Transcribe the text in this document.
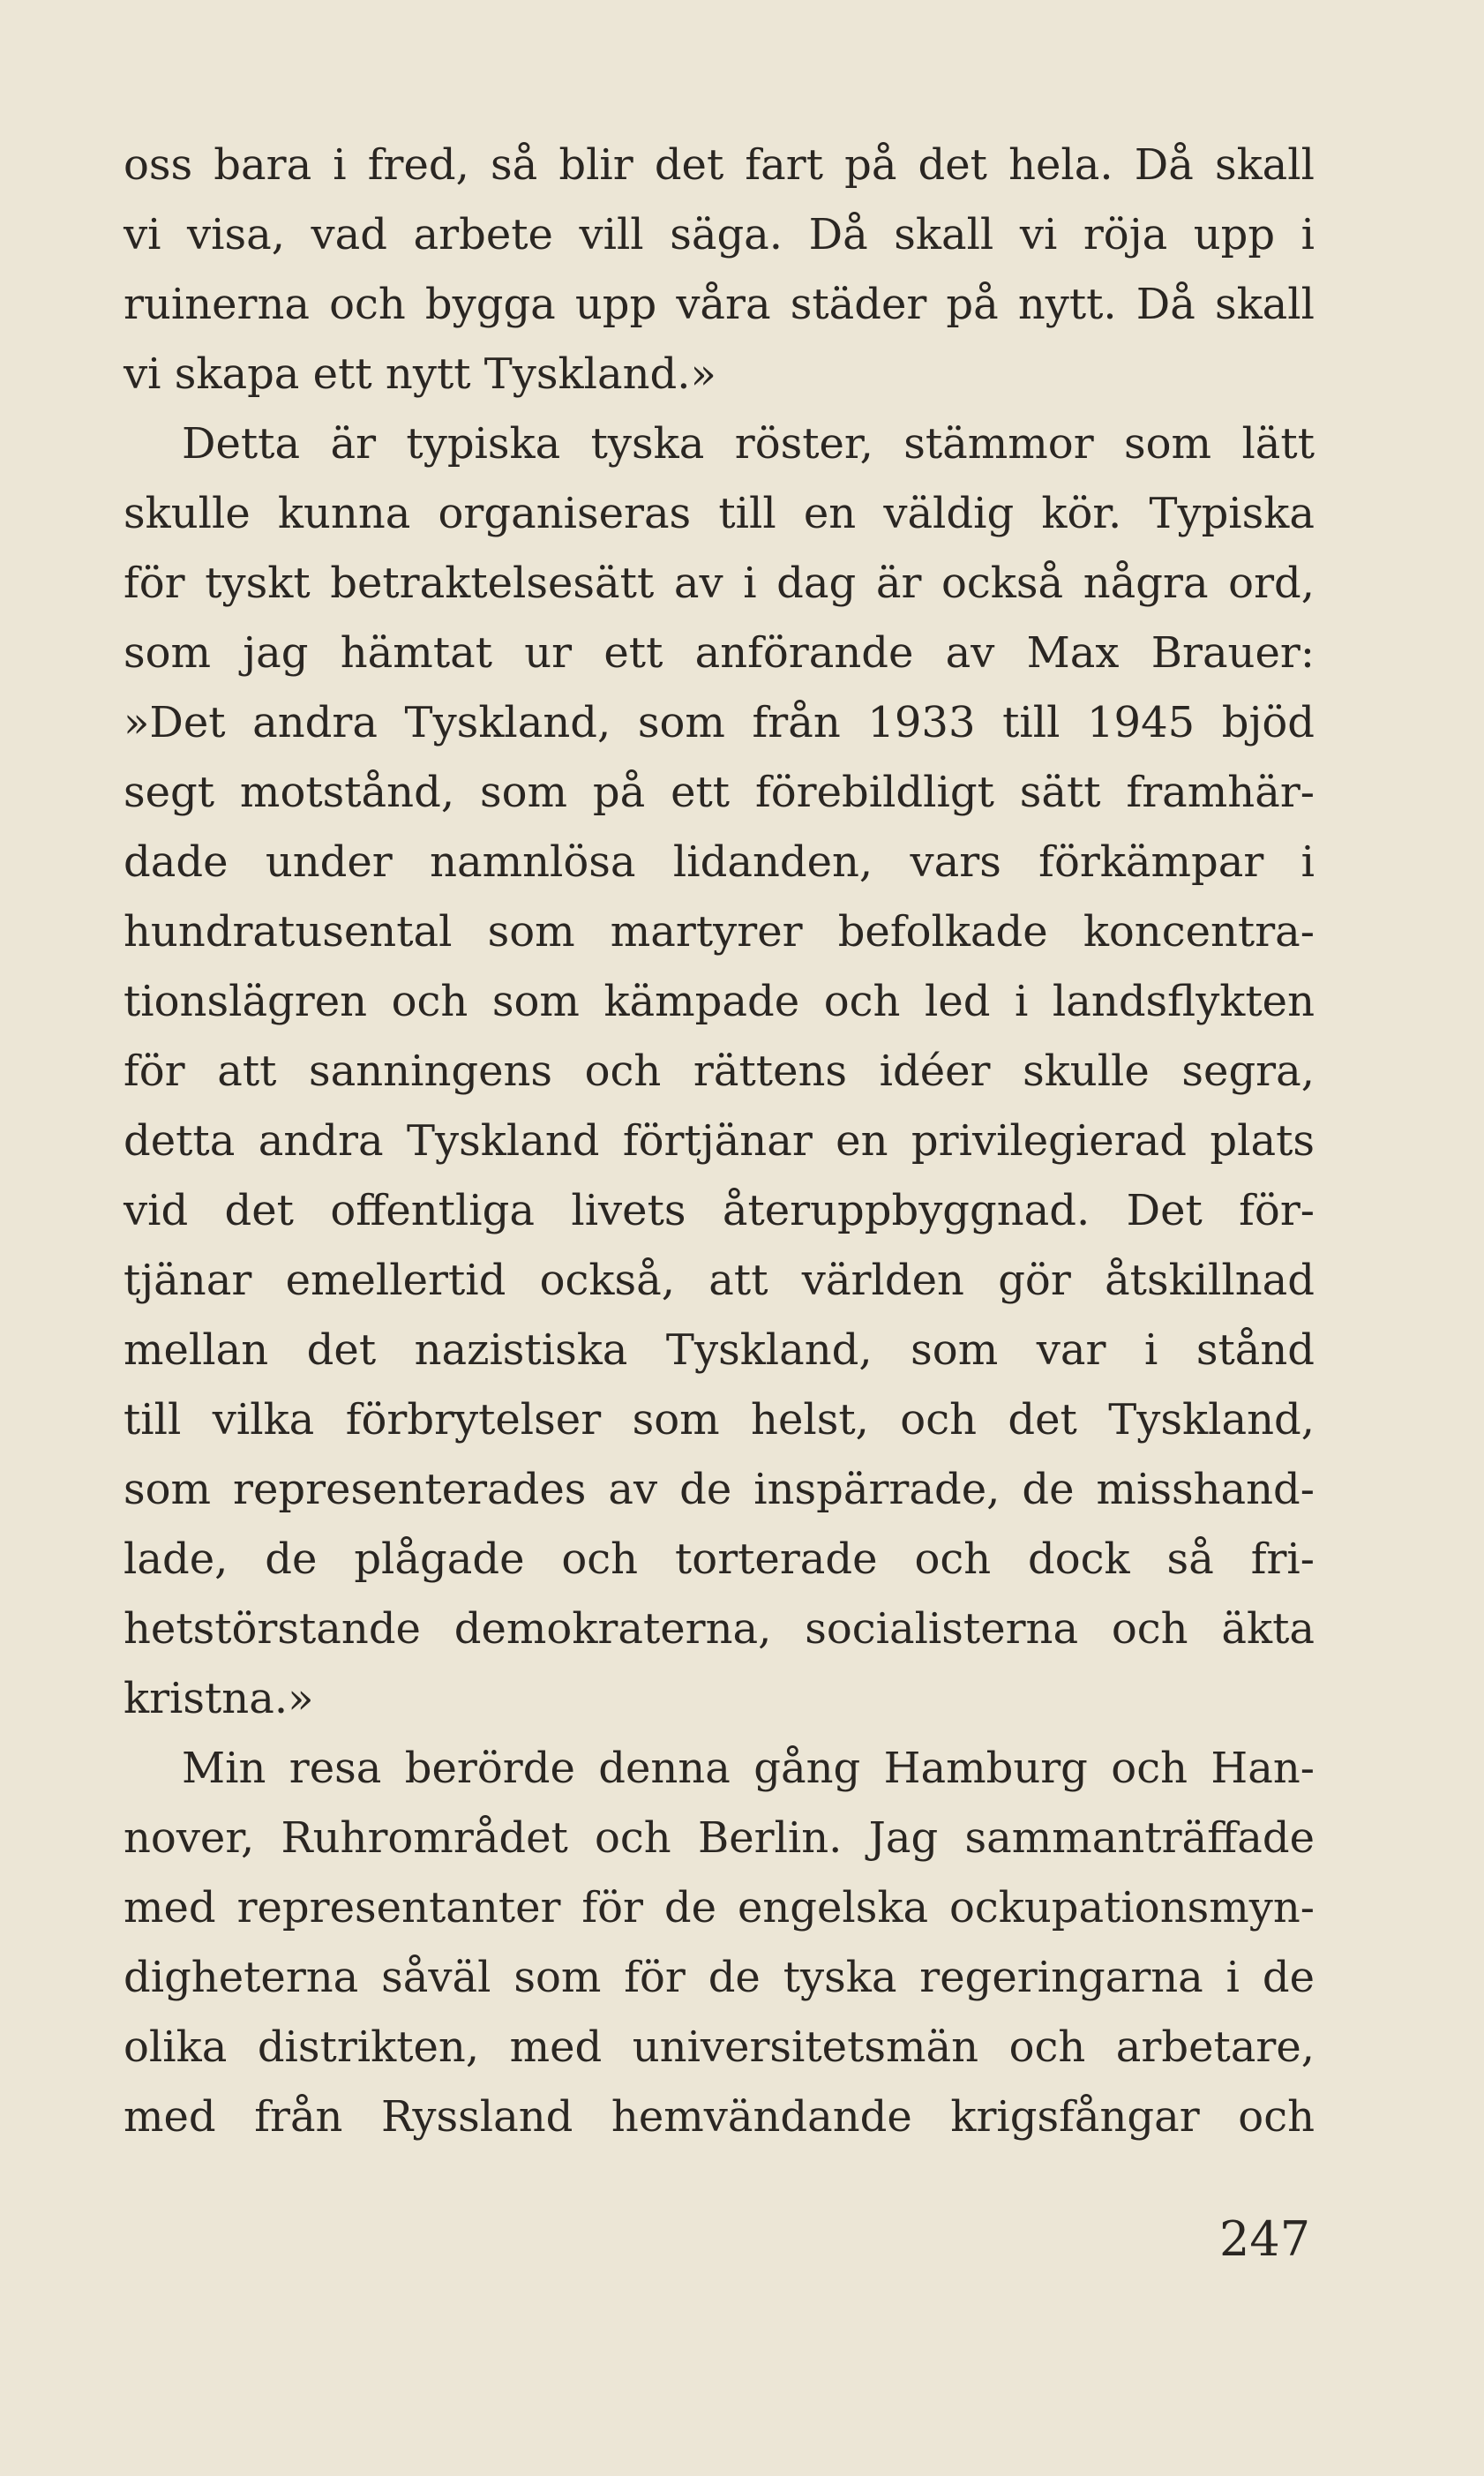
oss bara i fred, så blir det fart på det hela. Då skall
vi visa, vad arbete vill säga. Då skall vi röja upp i
ruinerna och bygga upp våra städer på nytt. Då skall
vi skapa ett nytt Tyskland.»
Detta är typiska tyska röster, stämmor som lätt
skulle kunna organiseras till en väldig kör. Typiska
för tyskt betraktelsesätt av i dag är också några ord,
som jag hämtat ur ett anförande av Max Brauer:
»Det andra Tyskland, som från 1933 till 1945 bjöd
segt motstånd, som på ett förebildligt sätt framhär-
dade under namnlösa lidanden, vars förkämpar i
hundratusental som martyrer befolkade koncentra-
tionslägren och som kämpade och led i landsflykten
för att sanningens och rättens idéer skulle segra,
detta andra Tyskland förtjänar en privilegierad plats
vid det offentliga livets återuppbyggnad. Det för-
tjänar emellertid också, att världen gör åtskillnad
mellan det nazistiska Tyskland, som var i stånd
till vilka förbrytelser som helst, och det Tyskland,
som representerades av de inspärrade, de misshand-
lade, de plågade och torterade och dock så fri-
hetstörstande demokraterna, socialisterna och äkta
kristna.»
Min resa berörde denna gång Hamburg och Han-
nover, Ruhrområdet och Berlin. Jag sammanträffade
med representanter för de engelska ockupationsmyn-
digheterna såväl som för de tyska regeringarna i de
olika distrikten, med universitetsmän och arbetare,
med från Ryssland hemvändande krigsfångar och
247
